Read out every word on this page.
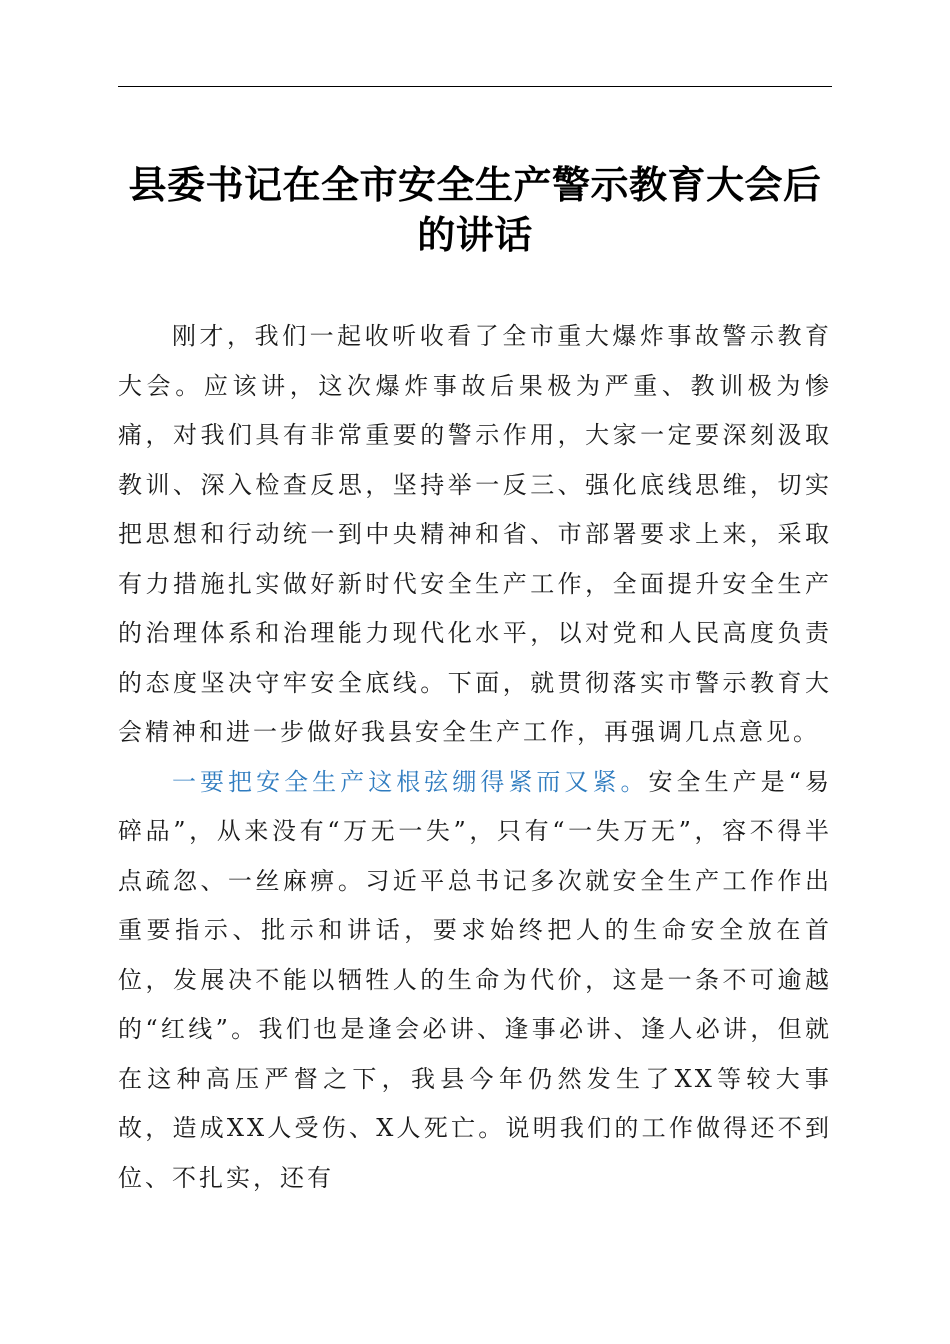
县委书记在全市安全生产警示教育大会后的讲话

刚才，我们一起收听收看了全市重大爆炸事故警示教育大会。应该讲，这次爆炸事故后果极为严重、教训极为惨痛，对我们具有非常重要的警示作用，大家一定要深刻汲取教训、深入检查反思，坚持举一反三、强化底线思维，切实把思想和行动统一到中央精神和省、市部署要求上来，采取有力措施扎实做好新时代安全生产工作，全面提升安全生产的治理体系和治理能力现代化水平，以对党和人民高度负责的态度坚决守牢安全底线。下面，就贯彻落实市警示教育大会精神和进一步做好我县安全生产工作，再强调几点意见。

一要把安全生产这根弦绷得紧而又紧。安全生产是“易碎品”，从来没有“万无一失”，只有“一失万无”，容不得半点疏忽、一丝麻痹。习近平总书记多次就安全生产工作作出重要指示、批示和讲话，要求始终把人的生命安全放在首位，发展决不能以牺牲人的生命为代价，这是一条不可逾越的“红线”。我们也是逢会必讲、逢事必讲、逢人必讲，但就在这种高压严督之下，我县今年仍然发生了XX等较大事故，造成XX人受伤、X人死亡。说明我们的工作做得还不到位、不扎实，还有
